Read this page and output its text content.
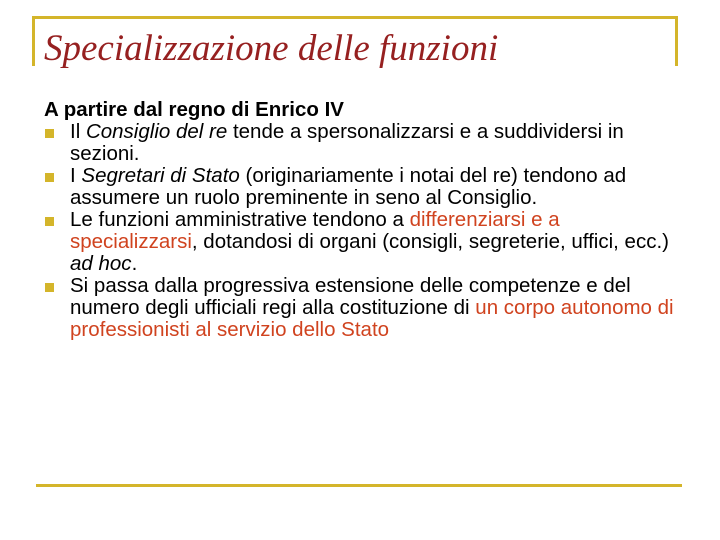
Specializzazione delle funzioni
A partire dal regno di Enrico IV

Il Consiglio del re tende a spersonalizzarsi e a suddividersi in sezioni.

I Segretari di Stato (originariamente i notai del re) tendono ad assumere un ruolo preminente in seno al Consiglio.

Le funzioni amministrative tendono a differenziarsi e a specializzarsi, dotandosi di organi (consigli, segreterie, uffici, ecc.) ad hoc.

Si passa dalla progressiva estensione delle competenze e del numero degli ufficiali regi alla costituzione di un corpo autonomo di professionisti al servizio dello Stato
